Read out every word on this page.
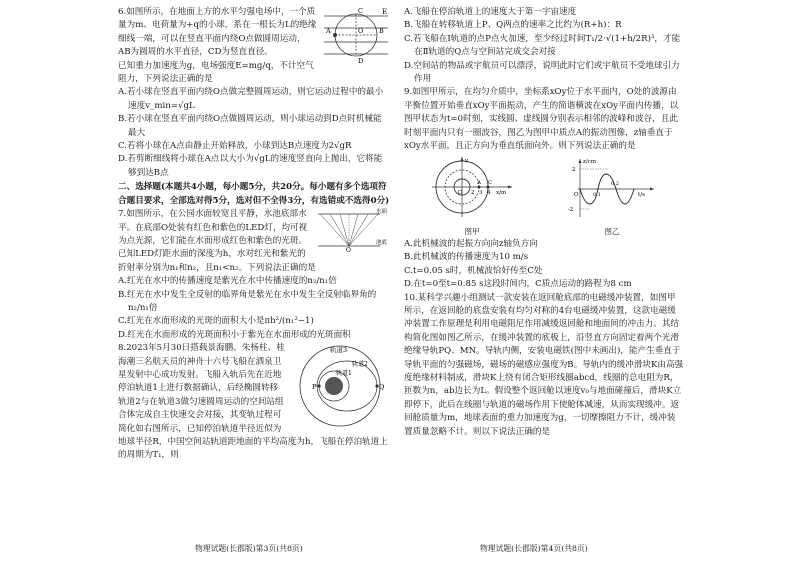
E
O
A	B
C
D

6.如图所示，在地面上方的水平匀强电场中，一个质量为m、电荷量为+q的小球，系在一根长为L的绝缘细线一端，可以在竖直平面内绕O点做圆周运动，AB为圆周的水平直径，CD为竖直直径。

已知重力加速度为g，电场强度E=mg/q，不计空气阻力，下列说法正确的是

A.若小球在竖直平面内绕O点做完整圆周运动，则它运动过程中的最小速度v_min=√gL

B.若小球在竖直平面内绕O点做圆周运动，则小球运动到D点时机械能最大

C.若将小球在A点由静止开始释放，小球到达B点速度为2√gR

D.若剪断细线将小球在A点以大小为√gL的速度竖直向上抛出，它将能够到达B点

二、选择题(本题共4小题，每小题5分，共20分。每小题有多个选项符合题目要求，全部选对得5分，选对但不全得3分，有选错或不选得0分)

水面
池底
O

7.如图所示，在公园水面较宽且平静，水池底部水平。在底部O处装有红色和紫色的LED灯，均可视为点光源，它们能在水面形成红色和紫色的光斑。已知LED灯距水面的深度为h，水对红光和紫光的折射率分别为n₁和n₂，且n₁<n₂。下列说法正确的是

A.红光在水中的传播速度是紫光在水中传播速度的n₂/n₁倍

B.红光在水中发生全反射的临界角是紫光在水中发生全反射临界角的n₂/n₁倍

C.红光在水面形成的光斑的面积大小是πh²/(n₁²−1)

D.红光在水面形成的光斑面积小于紫光在水面形成的光斑面积

轨道3
轨道2
轨道1
P	Q

8.2023年5月30日搭载景海鹏、朱杨柱、桂海潮三名航天员的神舟十六号飞船在酒泉卫星发射中心成功发射。飞船入轨后先在近地停泊轨道1上进行数据确认，后经椭圆转移轨道2与在轨道3做匀速圆周运动的空间站组合体完成自主快速交会对接，其变轨过程可简化如右图所示，已知停泊轨道半径近似为地球半径R，中国空间站轨道距地面的平均高度为h，飞船在停泊轨道上的周期为T₁，则

A.飞船在停泊轨道上的速度大于第一宇宙速度

B.飞船在转移轨道上P、Q两点的速率之比约为(R+h)：R

C.若飞船在Ⅰ轨道的点P点火加速，至少经过时间T₁/2·√(1+h/2R)³，才能在Ⅱ轨道的Q点与空间站完成交会对接

D.空间站的物品或宇航员可以漂浮，说明此时它们或宇航员不受地球引力作用

9.如图甲所示，在均匀介质中，坐标系xOy位于水平面内，O处的波源由平衡位置开始垂直xOy平面振动，产生的简谐横波在xOy平面内传播，以图甲状态为t=0时刻，实线圆、虚线圆分别表示相邻的波峰和波谷，且此时刻平面内只有一圈波谷，图乙为图甲中质点A的振动图像，z轴垂直于xOy水平面，且正方向为垂直纸面向外。则下列说法正确的是

O 2 3 4
A C
x/m
y
图甲
2
-2
O	0.1
0.2
t/s
z/cm
图乙

A.此机械波的起振方向向z轴负方向

B.此机械波的传播速度为10 m/s

C.t=0.05 s时，机械波恰好传至C处

D.在t=0至t=0.85 s这段时间内，C质点运动的路程为8 cm

10.某科学兴趣小组测试一款安装在返回舱底部的电磁缓冲装置，如图甲所示，在返回舱的底盘安装有均匀对称的4台电磁缓冲装置，这款电磁缓冲装置工作原理是利用电磁阻尼作用减缓返回舱和地面间的冲击力。其结构简化图如图乙所示，在缓冲装置的底板上，沿竖直方向固定着两个光滑绝缘导轨PQ、MN。导轨内侧，安装电磁铁(图中未画出)，能产生垂直于导轨平面的匀强磁场，磁场的磁感应强度为B。导轨内的缓冲滑块K由高强度绝缘材料制成，滑块K上绕有闭合矩形线圈abcd，线圈的总电阻为R，匝数为n，ab边长为L。假设整个返回舱以速度v₀与地面碰撞后，滑块K立即停下，此后在线圈与轨道的磁场作用下使舱体减速，从而实现缓冲。返回舱质量为m，地球表面的重力加速度为g，一切摩擦阻力不计，缓冲装置质量忽略不计。则以下说法正确的是

物理试题(长郡版)第3页(共8页)	物理试题(长郡版)第4页(共8页)
